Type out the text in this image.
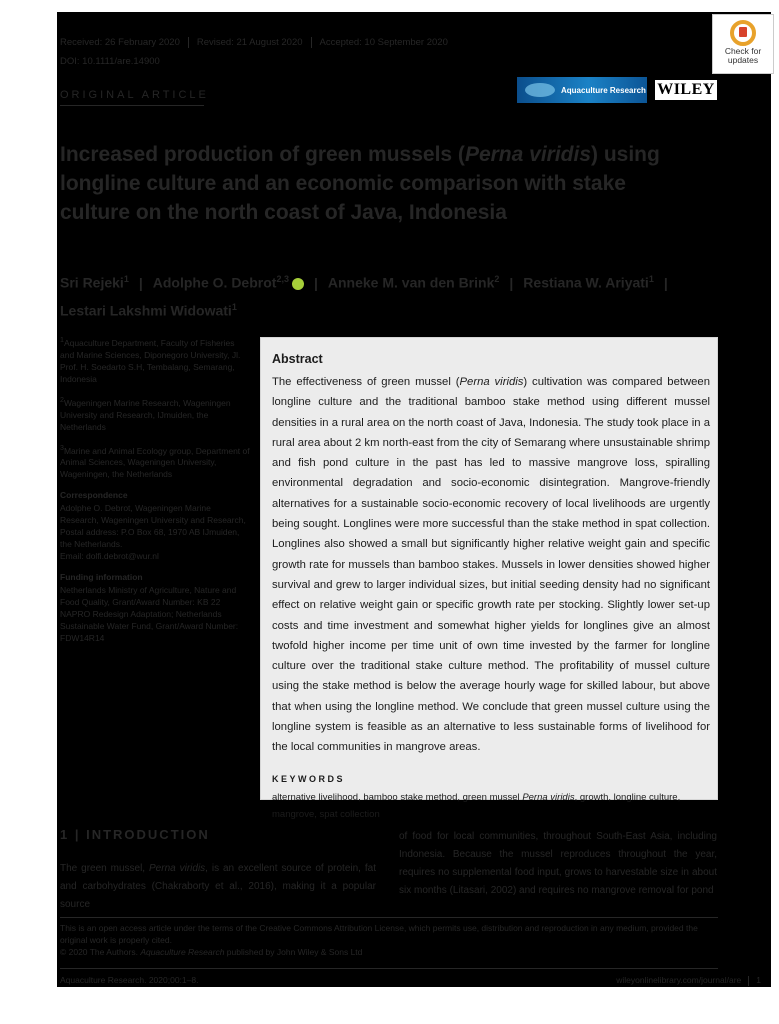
Received: 26 February 2020 Revised: 21 August 2020 Accepted: 10 September 2020
DOI: 10.1111/are.14900
ORIGINAL ARTICLE
Check for updates
Aquaculture Research WILEY
Increased production of green mussels (Perna viridis) using longline culture and an economic comparison with stake culture on the north coast of Java, Indonesia

Sri Rejeki$^1$ | Adolphe O. Debrot$^{2,3}$ | Anneke M. van den Brink$^2$ | Restiana W. Ariyati$^1$ |
Lestari Lakshmi Widowati$^1$

$^1$Aquaculture Department, Faculty of Fisheries and Marine Sciences, Diponegoro University, Jl. Prof. H. Soedarto S.H, Tembalang, Semarang, Indonesia

$^2$Wageningen Marine Research, Wageningen University and Research, IJmuiden, the Netherlands

$^3$Marine and Animal Ecology group, Department of Animal Sciences, Wageningen University, Wageningen, the Netherlands

Correspondence
Adolphe O. Debrot, Wageningen Marine Research, Wageningen University and Research, Postal address: P.O Box 68, 1970 AB IJmuiden, the Netherlands.
Email: dolfi.debrot@wur.nl

Funding information
Netherlands Ministry of Agriculture, Nature and Food Quality, Grant/Award Number: KB 22 NAPRO Redesign Adaptation; Netherlands Sustainable Water Fund, Grant/Award Number: FDW14R14

Abstract

The effectiveness of green mussel (Perna viridis) cultivation was compared between longline culture and the traditional bamboo stake method using different mussel densities in a rural area on the north coast of Java, Indonesia. The study took place in a rural area about 2 km north-east from the city of Semarang where unsustainable shrimp and fish pond culture in the past has led to massive mangrove loss, spiralling environmental degradation and socio-economic disintegration. Mangrove-friendly alternatives for a sustainable socio-economic recovery of local livelihoods are urgently being sought. Longlines were more successful than the stake method in spat collection. Longlines also showed a small but significantly higher relative weight gain and specific growth rate for mussels than bamboo stakes. Mussels in lower densities showed higher survival and grew to larger individual sizes, but initial seeding density had no significant effect on relative weight gain or specific growth rate per stocking. Slightly lower set-up costs and time investment and somewhat higher yields for longlines give an almost twofold higher income per time unit of own time invested by the farmer for longline culture over the traditional stake culture method. The profitability of mussel culture using the stake method is below the average hourly wage for skilled labour, but above that when using the longline method. We conclude that green mussel culture using the longline system is feasible as an alternative to less sustainable forms of livelihood for the local communities in mangrove areas.

KEYWORDS

alternative livelihood, bamboo stake method, green mussel Perna viridis, growth, longline culture, mangrove, spat collection

1 | INTRODUCTION

The green mussel, Perna viridis, is an excellent source of protein, fat and carbohydrates (Chakraborty et al., 2016), making it a popular source

of food for local communities, throughout South-East Asia, including Indonesia. Because the mussel reproduces throughout the year, requires no supplemental food input, grows to harvestable size in about six months (Litasari, 2002) and requires no mangrove removal for pond

This is an open access article under the terms of the Creative Commons Attribution License, which permits use, distribution and reproduction in any medium, provided the original work is properly cited.
© 2020 The Authors. Aquaculture Research published by John Wiley & Sons Ltd

Aquaculture Research. 2020;00:1–8.	wileyonlinelibrary.com/journal/are 1
